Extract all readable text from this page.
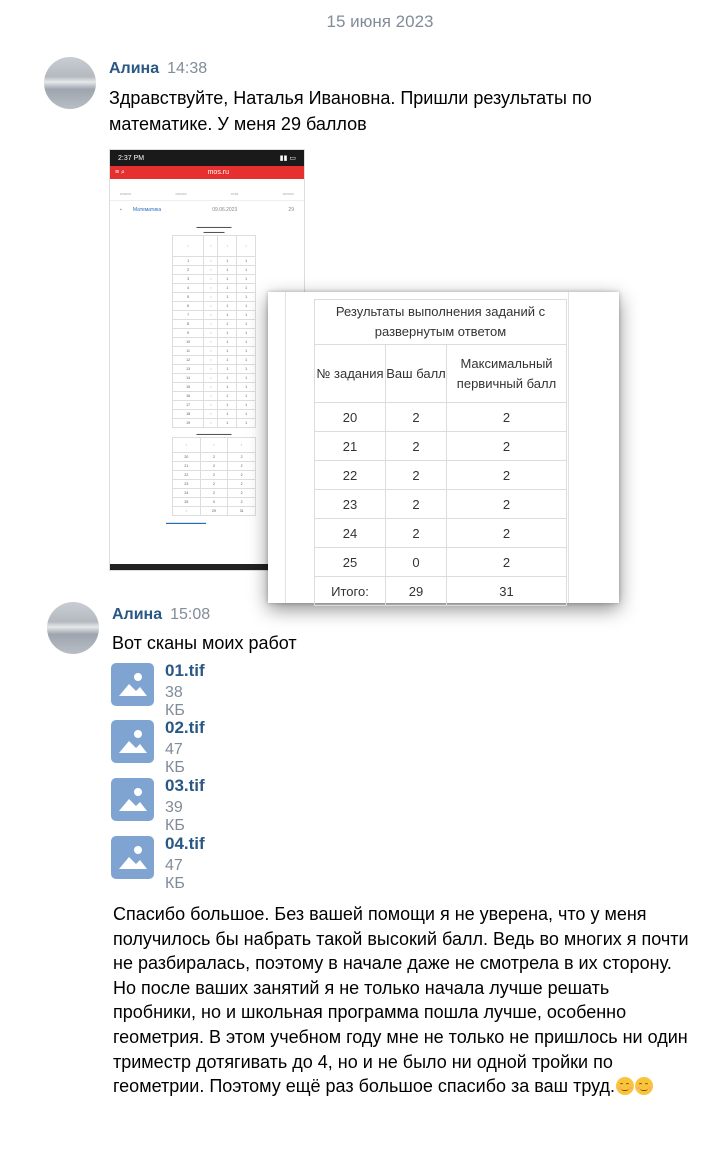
15 июня 2023
Алина 14:38
Здравствуйте, Наталья Ивановна. Пришли результаты по математике. У меня 29 баллов
2:37 PM	▮▮ ▭
≡ ⌕	mos.ru
▭▭▭	▭▭▭	▭▭	▭▭▭
▪ Математика	09.06.2023	29
▬▬▬▬▬▬▬▬▬▬
▬▬▬▬▬▬
▫	▫	▫	▫
1	▫	1	1
2	▫	1	1
3	▫	1	1
4	▫	1	1
5	▫	1	1
6	▫	1	1
7	▫	1	1
8	▫	1	1
9	▫	1	1
10	▫	1	1
11	▫	1	1
12	▫	1	1
13	▫	1	1
14	▫	1	1
15	▫	1	1
16	▫	1	1
17	▫	1	1
18	▫	1	1
19	▫	1	1
▬▬▬▬▬▬▬▬▬▬
▫	▫	▫
20	2	2
21	2	2
22	2	2
23	2	2
24	2	2
25	0	2
▫	29	31
▬▬▬▬▬▬▬▬▬▬
Результаты выполнения заданий с развернутым ответом		
№ задания	Ваш балл	Максимальный первичный балл
20	2	2
21	2	2
22	2	2
23	2	2
24	2	2
25	0	2
Итого:	29	31
Алина 15:08
Вот сканы моих работ
01.tif
38 КБ
02.tif
47 КБ
03.tif
39 КБ
04.tif
47 КБ
Спасибо большое. Без вашей помощи я не уверена, что у меня получилось бы набрать такой высокий балл. Ведь во многих я почти не разбиралась, поэтому в начале даже не смотрела в их сторону. Но после ваших занятий я не только начала лучше решать пробники, но и школьная программа пошла лучше, особенно геометрия. В этом учебном году мне не только не пришлось ни один триместр дотягивать до 4, но и не было ни одной тройки по геометрии. Поэтому ещё раз большое спасибо за ваш труд.
